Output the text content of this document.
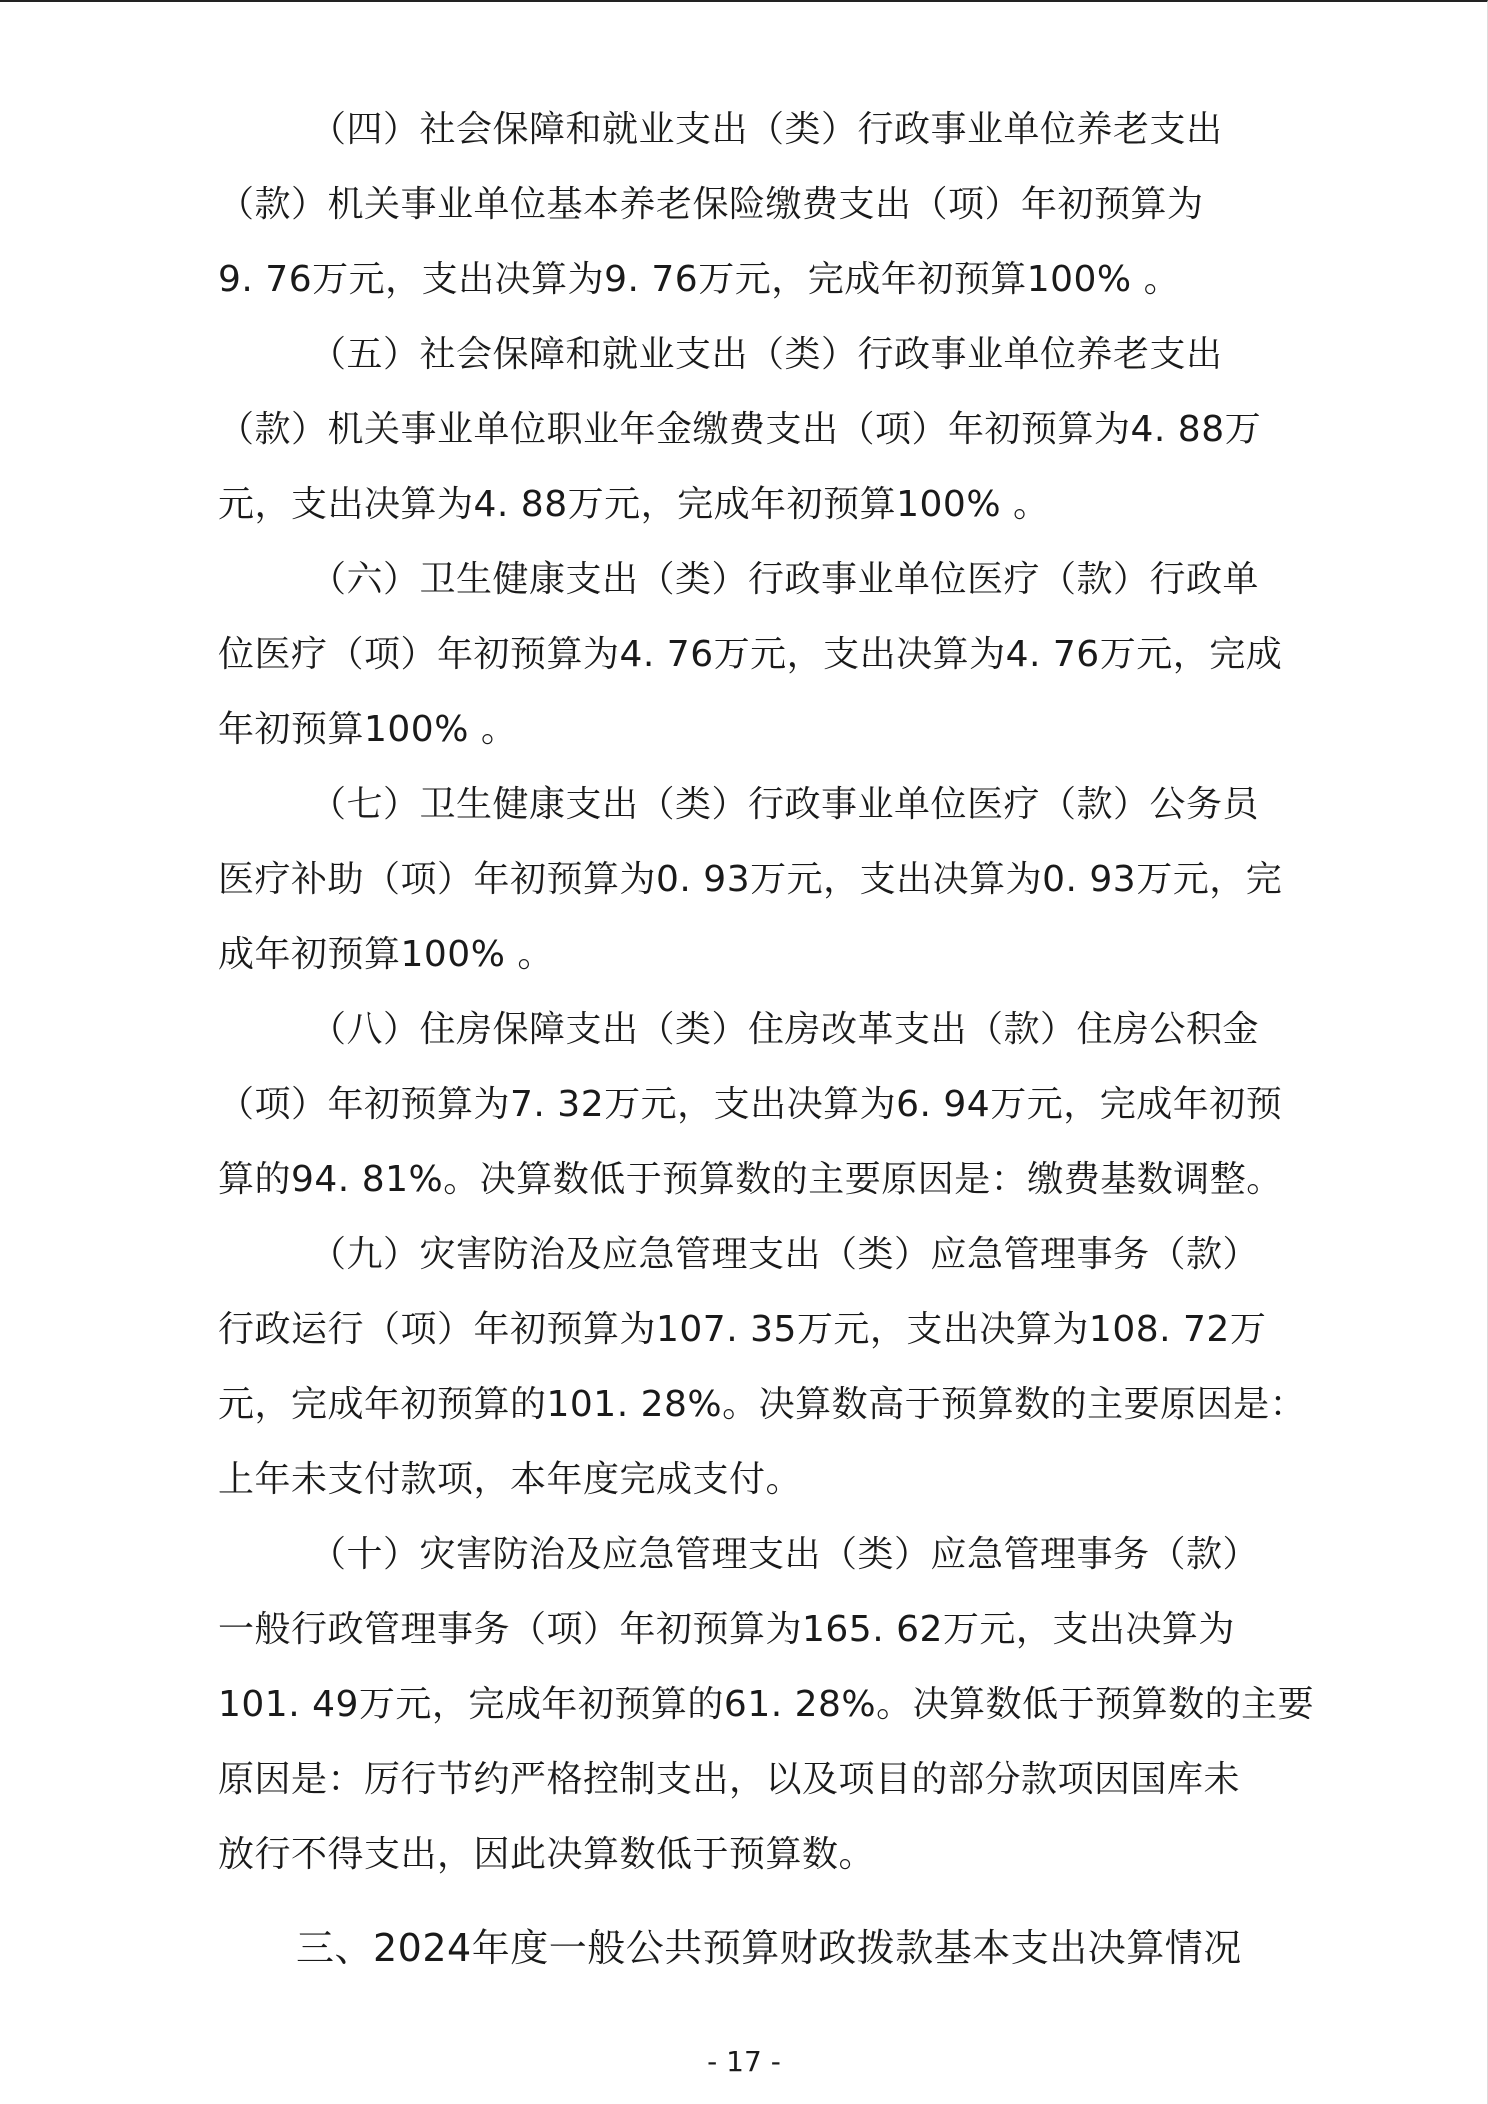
（四）社会保障和就业支出（类）行政事业单位养老支出
（款）机关事业单位基本养老保险缴费支出（项）年初预算为
9. 76万元，支出决算为9. 76万元，完成年初预算100% 。
（五）社会保障和就业支出（类）行政事业单位养老支出
（款）机关事业单位职业年金缴费支出（项）年初预算为4. 88万
元，支出决算为4. 88万元，完成年初预算100% 。
（六）卫生健康支出（类）行政事业单位医疗（款）行政单
位医疗（项）年初预算为4. 76万元，支出决算为4. 76万元，完成
年初预算100% 。
（七）卫生健康支出（类）行政事业单位医疗（款）公务员
医疗补助（项）年初预算为0. 93万元，支出决算为0. 93万元，完
成年初预算100% 。
（八）住房保障支出（类）住房改革支出（款）住房公积金
（项）年初预算为7. 32万元，支出决算为6. 94万元，完成年初预
算的94. 81%。决算数低于预算数的主要原因是：缴费基数调整。
（九）灾害防治及应急管理支出（类）应急管理事务（款）
行政运行（项）年初预算为107. 35万元，支出决算为108. 72万
元，完成年初预算的101. 28%。决算数高于预算数的主要原因是：
上年未支付款项，本年度完成支付。
（十）灾害防治及应急管理支出（类）应急管理事务（款）
一般行政管理事务（项）年初预算为165. 62万元，支出决算为
101. 49万元，完成年初预算的61. 28%。决算数低于预算数的主要
原因是：厉行节约严格控制支出，以及项目的部分款项因国库未
放行不得支出，因此决算数低于预算数。
三、2024年度一般公共预算财政拨款基本支出决算情况
- 17 -
